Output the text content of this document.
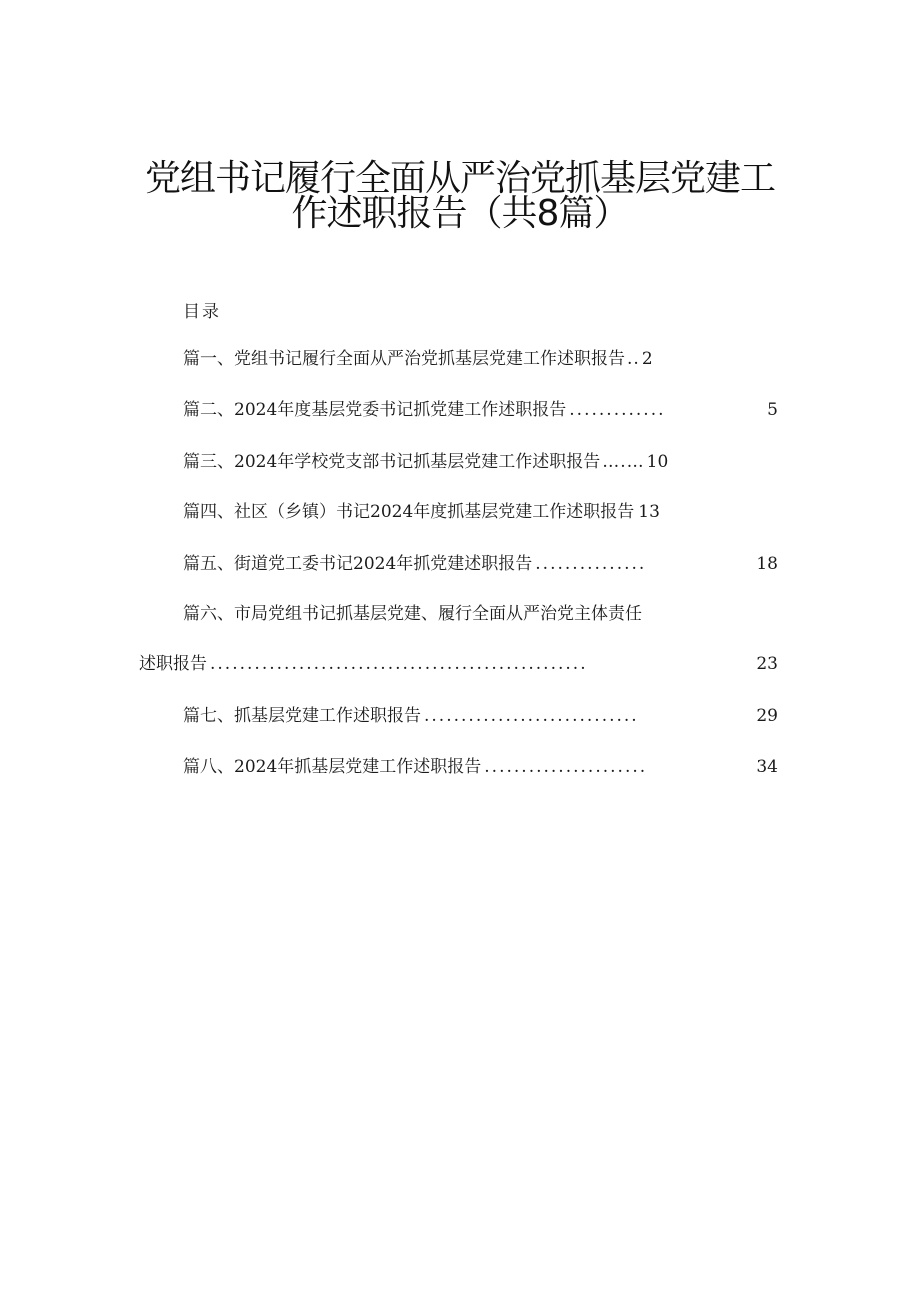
党组书记履行全面从严治党抓基层党建工
作述职报告（共8篇）
目录
篇一、党组书记履行全面从严治党抓基层党建工作述职报告 .. 2
篇二、2024年度基层党委书记抓党建工作述职报告 .............	5
篇三、2024年学校党支部书记抓基层党建工作述职报告 ….… 10
篇四、社区（乡镇）书记2024年度抓基层党建工作述职报告 13
篇五、街道党工委书记2024年抓党建述职报告 ...............	18
篇六、市局党组书记抓基层党建、履行全面从严治党主体责任
述职报告 ...................................................	23
篇七、抓基层党建工作述职报告 .............................	29
篇八、2024年抓基层党建工作述职报告 ......................	34
